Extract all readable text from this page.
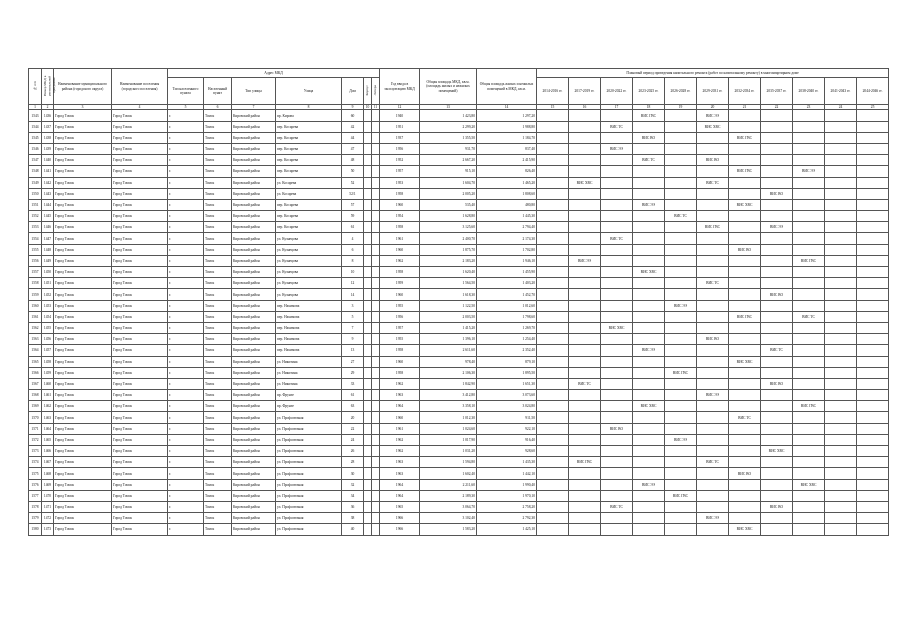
№ п/п	Номер МКД в региональной программе	Наименование муниципального района (городского округа)	Наименование поселения (городского поселения)	Адрес МКД							Год ввода в эксплуатацию МКД	Общая площадь МКД, кв.м. (площадь жилых и нежилых помещений)	Общая площадь жилых и нежилых помещений в МКД, кв.м.	Плановый период проведения капитального ремонта (работ по капитальному ремонту) в многоквартирном доме										
				Тип населенного пункта	Населенный пункт	Тип улицы	Улица	Дом	Корпус	Литера				2014-2016 гг.	2017-2019 гг.	2020-2022 гг.	2023-2025 гг.	2026-2028 гг.	2029-2031 гг.	2032-2034 гг.	2035-2037 гг.	2038-2040 гг.	2041-2043 гг.	2044-2046 гг.
1	2	3	4	5	6	7	8	9	10	11	12	13	14	15	16	17	18	19	20	21	22	23	24	25
1543	1436	Город Томск	Город Томск	г.	Томск	Кировский район	пр. Кирова	60			1940	1 423,80	1 297,20				ВИС ГВС		ВИС ЭЭ					
1544	1437	Город Томск	Город Томск	г.	Томск	Кировский район	пер. Косарева	42			1951	2 299,20	1 988,80			ВИС ТС			ВИС ХВС					
1545	1438	Город Томск	Город Томск	г.	Томск	Кировский район	пер. Косарева	44			1937	1 355,50	1 184,70				ВИС ВО			ВИС ГВС				
1546	1439	Город Томск	Город Томск	г.	Томск	Кировский район	пер. Косарева	47			1956	931,70	837,40			ВИС ЭЭ								
1547	1440	Город Томск	Город Томск	г.	Томск	Кировский район	пер. Косарева	48			1952	2 667,20	2 415,90				ВИС ТС		ВИС ВО					
1548	1441	Город Томск	Город Томск	г.	Томск	Кировский район	пер. Косарева	50			1957	915,10	826,40							ВИС ГВС		ВИС ЭЭ		
1549	1442	Город Томск	Город Томск	г.	Томск	Кировский район	ул. Косарева	52			1953	1 604,70	1 465,20		ВИС ХВС				ВИС ТС					
1550	1443	Город Томск	Город Томск	г.	Томск	Кировский район	ул. Косарева	52/1			1958	2 005,20	1 808,60								ВИС ВО			
1551	1444	Город Томск	Город Томск	г.	Томск	Кировский район	пер. Косарева	57			1960	535,40	480,80				ВИС ЭЭ			ВИС ХВС				
1552	1445	Город Томск	Город Томск	г.	Томск	Кировский район	пер. Косарева	59			1954	1 628,80	1 445,30					ВИС ТС						
1553	1446	Город Томск	Город Томск	г.	Томск	Кировский район	пер. Косарева	61			1958	3 125,60	2 794,40						ВИС ГВС		ВИС ЭЭ			
1554	1447	Город Томск	Город Томск	г.	Томск	Кировский район	ул. Кузнецова	4			1961	2 400,70	2 174,30			ВИС ТС								
1555	1448	Город Томск	Город Томск	г.	Томск	Кировский район	ул. Кузнецова	6			1960	1 875,70	1 702,80							ВИС ВО				
1556	1449	Город Томск	Город Томск	г.	Томск	Кировский район	ул. Кузнецова	8			1962	2 183,20	1 946,10		ВИС ЭЭ							ВИС ГВС		
1557	1450	Город Томск	Город Томск	г.	Томск	Кировский район	ул. Кузнецова	10			1958	1 620,40	1 455,90				ВИС ХВС							
1558	1451	Город Томск	Город Томск	г.	Томск	Кировский район	ул. Кузнецова	12			1959	1 564,50	1 403,20						ВИС ТС					
1559	1452	Город Томск	Город Томск	г.	Томск	Кировский район	ул. Кузнецова	14			1960	1 618,30	1 452,70								ВИС ВО			
1560	1453	Город Томск	Город Томск	г.	Томск	Кировский район	пер. Нахимова	3			1955	1 122,50	1 012,60					ВИС ЭЭ						
1561	1454	Город Томск	Город Томск	г.	Томск	Кировский район	пер. Нахимова	5			1956	2 003,50	1 798,60							ВИС ГВС		ВИС ТС		
1562	1455	Город Томск	Город Томск	г.	Томск	Кировский район	пер. Нахимова	7			1957	1 415,20	1 269,70			ВИС ХВС								
1563	1456	Город Томск	Город Томск	г.	Томск	Кировский район	пер. Нахимова	9			1955	1 396,10	1 254,40						ВИС ВО					
1564	1457	Город Томск	Город Томск	г.	Томск	Кировский район	пер. Нахимова	13			1958	2 611,60	2 352,40				ВИС ЭЭ				ВИС ТС			
1565	1458	Город Томск	Город Томск	г.	Томск	Кировский район	ул. Никитина	27			1960	978,40	879,10							ВИС ХВС				
1566	1459	Город Томск	Город Томск	г.	Томск	Кировский район	ул. Никитина	29			1958	2 106,30	1 895,50					ВИС ГВС						
1567	1460	Город Томск	Город Томск	г.	Томск	Кировский район	ул. Никитина	33			1962	1 842,90	1 651,30		ВИС ТС						ВИС ВО			
1568	1461	Город Томск	Город Томск	г.	Томск	Кировский район	пр. Фрунзе	61			1963	3 412,80	3 073,60						ВИС ЭЭ					
1569	1462	Город Томск	Город Томск	г.	Томск	Кировский район	пр. Фрунзе	63			1964	3 358,10	3 024,80				ВИС ХВС					ВИС ГВС		
1570	1463	Город Томск	Город Томск	г.	Томск	Кировский район	ул. Профсоюзная	20			1960	1 012,30	911,50							ВИС ТС				
1571	1464	Город Томск	Город Томск	г.	Томск	Кировский район	ул. Профсоюзная	22			1961	1 024,60	922,10			ВИС ВО								
1572	1465	Город Томск	Город Томск	г.	Томск	Кировский район	ул. Профсоюзная	24			1962	1 017,90	916,40					ВИС ЭЭ						
1573	1466	Город Томск	Город Томск	г.	Томск	Кировский район	ул. Профсоюзная	26			1962	1 031,20	928,60								ВИС ХВС			
1574	1467	Город Томск	Город Томск	г.	Томск	Кировский район	ул. Профсоюзная	28			1963	1 594,80	1 435,30		ВИС ГВС				ВИС ТС					
1575	1468	Город Томск	Город Томск	г.	Томск	Кировский район	ул. Профсоюзная	30			1963	1 602,40	1 442,10							ВИС ВО				
1576	1469	Город Томск	Город Томск	г.	Томск	Кировский район	ул. Профсоюзная	32			1964	2 211,60	1 990,40				ВИС ЭЭ					ВИС ХВС		
1577	1470	Город Томск	Город Томск	г.	Томск	Кировский район	ул. Профсоюзная	34			1964	2 189,30	1 970,10					ВИС ГВС						
1578	1471	Город Томск	Город Томск	г.	Томск	Кировский район	ул. Профсоюзная	36			1965	3 064,70	2 758,20			ВИС ТС					ВИС ВО			
1579	1472	Город Томск	Город Томск	г.	Томск	Кировский район	ул. Профсоюзная	38			1966	3 102,40	2 792,30						ВИС ЭЭ					
1580	1473	Город Томск	Город Томск	г.	Томск	Кировский район	ул. Профсоюзная	40			1966	1 583,20	1 425,10							ВИС ХВС				
